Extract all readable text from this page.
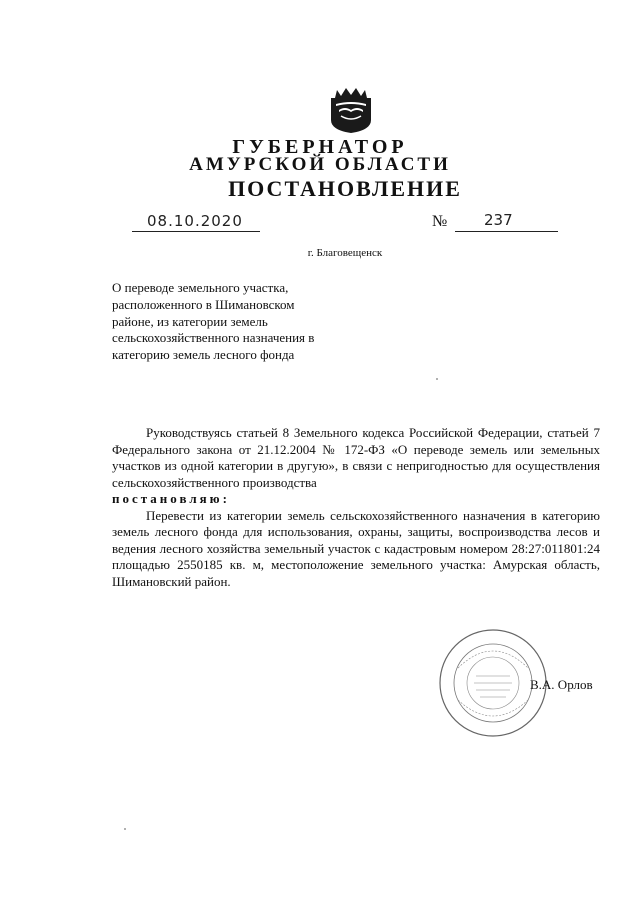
ГУБЕРНАТОР
АМУРСКОЙ ОБЛАСТИ
ПОСТАНОВЛЕНИЕ
08.10.2020	№ 237
г. Благовещенск
О переводе земельного участка, расположенного в Шимановском районе, из категории земель сельскохозяйственного назначения в категорию земель лесного фонда

Руководствуясь статьей 8 Земельного кодекса Российской Федерации, статьей 7 Федерального закона от 21.12.2004 № 172-ФЗ «О переводе земель или земельных участков из одной категории в другую», в связи с непригодностью для осуществления сельскохозяйственного производства

постановляю:

Перевести из категории земель сельскохозяйственного назначения в категорию земель лесного фонда для использования, охраны, защиты, воспроизводства лесов и ведения лесного хозяйства земельный участок с кадастровым номером 28:27:011801:24 площадью 2550185 кв. м, местоположение земельного участка: Амурская область, Шимановский район.

В.А. Орлов
